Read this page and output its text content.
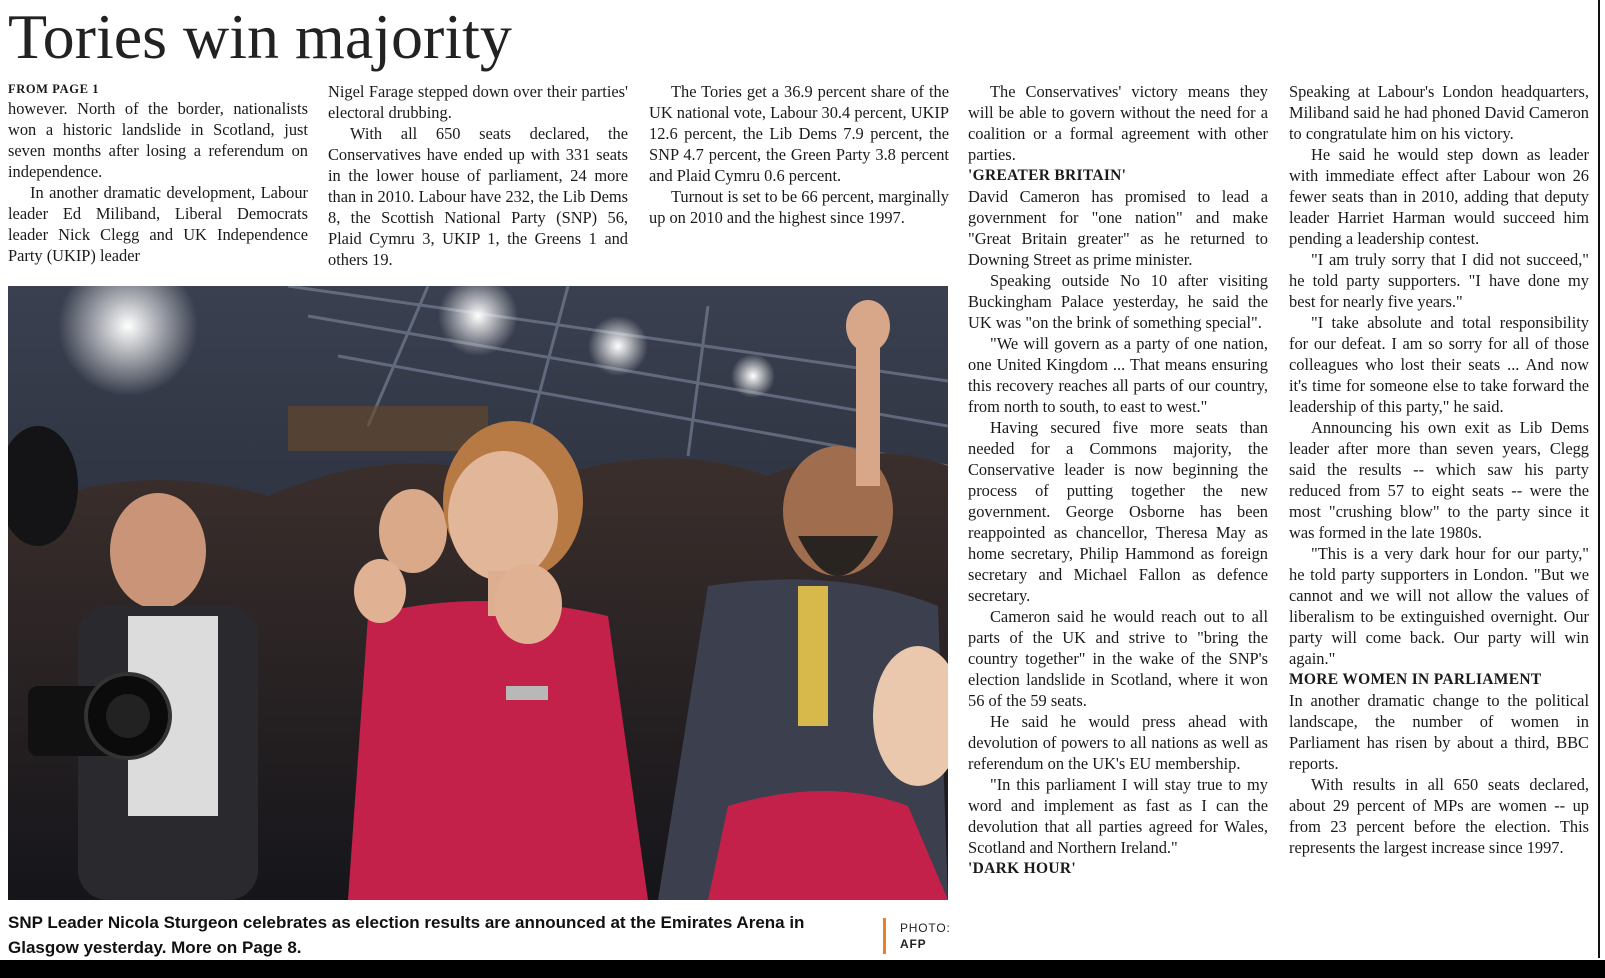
Tories win majority
FROM PAGE 1

however. North of the border, nationalists won a historic landslide in Scotland, just seven months after losing a referendum on independence.

In another dramatic development, Labour leader Ed Miliband, Liberal Democrats leader Nick Clegg and UK Independence Party (UKIP) leader

Nigel Farage stepped down over their parties' electoral drubbing.

With all 650 seats declared, the Conservatives have ended up with 331 seats in the lower house of parliament, 24 more than in 2010. Labour have 232, the Lib Dems 8, the Scottish National Party (SNP) 56, Plaid Cymru 3, UKIP 1, the Greens 1 and others 19.

The Tories get a 36.9 percent share of the UK national vote, Labour 30.4 percent, UKIP 12.6 percent, the Lib Dems 7.9 percent, the SNP 4.7 percent, the Green Party 3.8 percent and Plaid Cymru 0.6 percent.

Turnout is set to be 66 percent, marginally up on 2010 and the highest since 1997.

The Conservatives' victory means they will be able to govern without the need for a coalition or a formal agreement with other parties.

'GREATER BRITAIN'

David Cameron has promised to lead a government for "one nation" and make "Great Britain greater" as he returned to Downing Street as prime minister.

Speaking outside No 10 after visiting Buckingham Palace yesterday, he said the UK was "on the brink of something special".

"We will govern as a party of one nation, one United Kingdom ... That means ensuring this recovery reaches all parts of our country, from north to south, to east to west."

Having secured five more seats than needed for a Commons majority, the Conservative leader is now beginning the process of putting together the new government. George Osborne has been reappointed as chancellor, Theresa May as home secretary, Philip Hammond as foreign secretary and Michael Fallon as defence secretary.

Cameron said he would reach out to all parts of the UK and strive to "bring the country together" in the wake of the SNP's election landslide in Scotland, where it won 56 of the 59 seats.

He said he would press ahead with devolution of powers to all nations as well as referendum on the UK's EU membership.

"In this parliament I will stay true to my word and implement as fast as I can the devolution that all parties agreed for Wales, Scotland and Northern Ireland."

'DARK HOUR'

Speaking at Labour's London headquarters, Miliband said he had phoned David Cameron to congratulate him on his victory.

He said he would step down as leader with immediate effect after Labour won 26 fewer seats than in 2010, adding that deputy leader Harriet Harman would succeed him pending a leadership contest.

"I am truly sorry that I did not succeed," he told party supporters. "I have done my best for nearly five years."

"I take absolute and total responsibility for our defeat. I am so sorry for all of those colleagues who lost their seats ... And now it's time for someone else to take forward the leadership of this party," he said.

Announcing his own exit as Lib Dems leader after more than seven years, Clegg said the results -- which saw his party reduced from 57 to eight seats -- were the most "crushing blow" to the party since it was formed in the late 1980s.

"This is a very dark hour for our party," he told party supporters in London. "But we cannot and we will not allow the values of liberalism to be extinguished overnight. Our party will come back. Our party will win again."

MORE WOMEN IN PARLIAMENT

In another dramatic change to the political landscape, the number of women in Parliament has risen by about a third, BBC reports.

With results in all 650 seats declared, about 29 percent of MPs are women -- up from 23 percent before the election. This represents the largest increase since 1997.

SNP Leader Nicola Sturgeon celebrates as election results are announced at the Emirates Arena in Glasgow yesterday. More on Page 8.
PHOTO:
AFP
